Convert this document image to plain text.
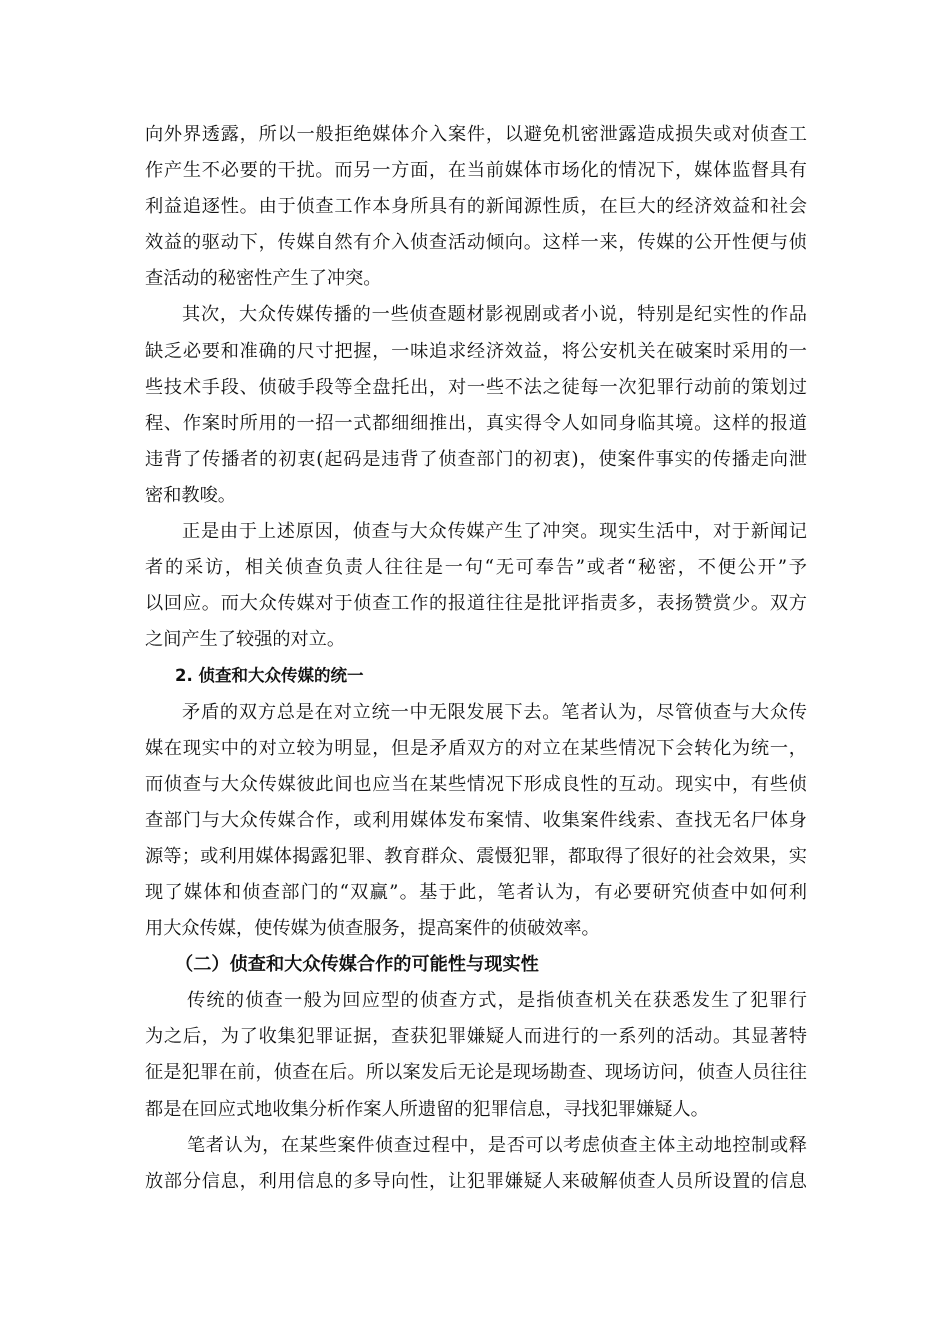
向外界透露，所以一般拒绝媒体介入案件，以避免机密泄露造成损失或对侦查工
作产生不必要的干扰。而另一方面，在当前媒体市场化的情况下，媒体监督具有
利益追逐性。由于侦查工作本身所具有的新闻源性质，在巨大的经济效益和社会
效益的驱动下，传媒自然有介入侦查活动倾向。这样一来，传媒的公开性便与侦
查活动的秘密性产生了冲突。
其次，大众传媒传播的一些侦查题材影视剧或者小说，特别是纪实性的作品
缺乏必要和准确的尺寸把握，一味追求经济效益，将公安机关在破案时采用的一
些技术手段、侦破手段等全盘托出，对一些不法之徒每一次犯罪行动前的策划过
程、作案时所用的一招一式都细细推出，真实得令人如同身临其境。这样的报道
违背了传播者的初衷(起码是违背了侦查部门的初衷)，使案件事实的传播走向泄
密和教唆。
正是由于上述原因，侦查与大众传媒产生了冲突。现实生活中，对于新闻记
者的采访，相关侦查负责人往往是一句“无可奉告”或者“秘密，不便公开”予
以回应。而大众传媒对于侦查工作的报道往往是批评指责多，表扬赞赏少。双方
之间产生了较强的对立。
2. 侦查和大众传媒的统一
矛盾的双方总是在对立统一中无限发展下去。笔者认为，尽管侦查与大众传
媒在现实中的对立较为明显，但是矛盾双方的对立在某些情况下会转化为统一，
而侦查与大众传媒彼此间也应当在某些情况下形成良性的互动。现实中，有些侦
查部门与大众传媒合作，或利用媒体发布案情、收集案件线索、查找无名尸体身
源等；或利用媒体揭露犯罪、教育群众、震慑犯罪，都取得了很好的社会效果，实
现了媒体和侦查部门的“双赢”。基于此，笔者认为，有必要研究侦查中如何利
用大众传媒，使传媒为侦查服务，提高案件的侦破效率。
（二）侦查和大众传媒合作的可能性与现实性
传统的侦查一般为回应型的侦查方式，是指侦查机关在获悉发生了犯罪行
为之后，为了收集犯罪证据，查获犯罪嫌疑人而进行的一系列的活动。其显著特
征是犯罪在前，侦查在后。所以案发后无论是现场勘查、现场访问，侦查人员往往
都是在回应式地收集分析作案人所遗留的犯罪信息，寻找犯罪嫌疑人。
笔者认为，在某些案件侦查过程中，是否可以考虑侦查主体主动地控制或释
放部分信息，利用信息的多导向性，让犯罪嫌疑人来破解侦查人员所设置的信息
